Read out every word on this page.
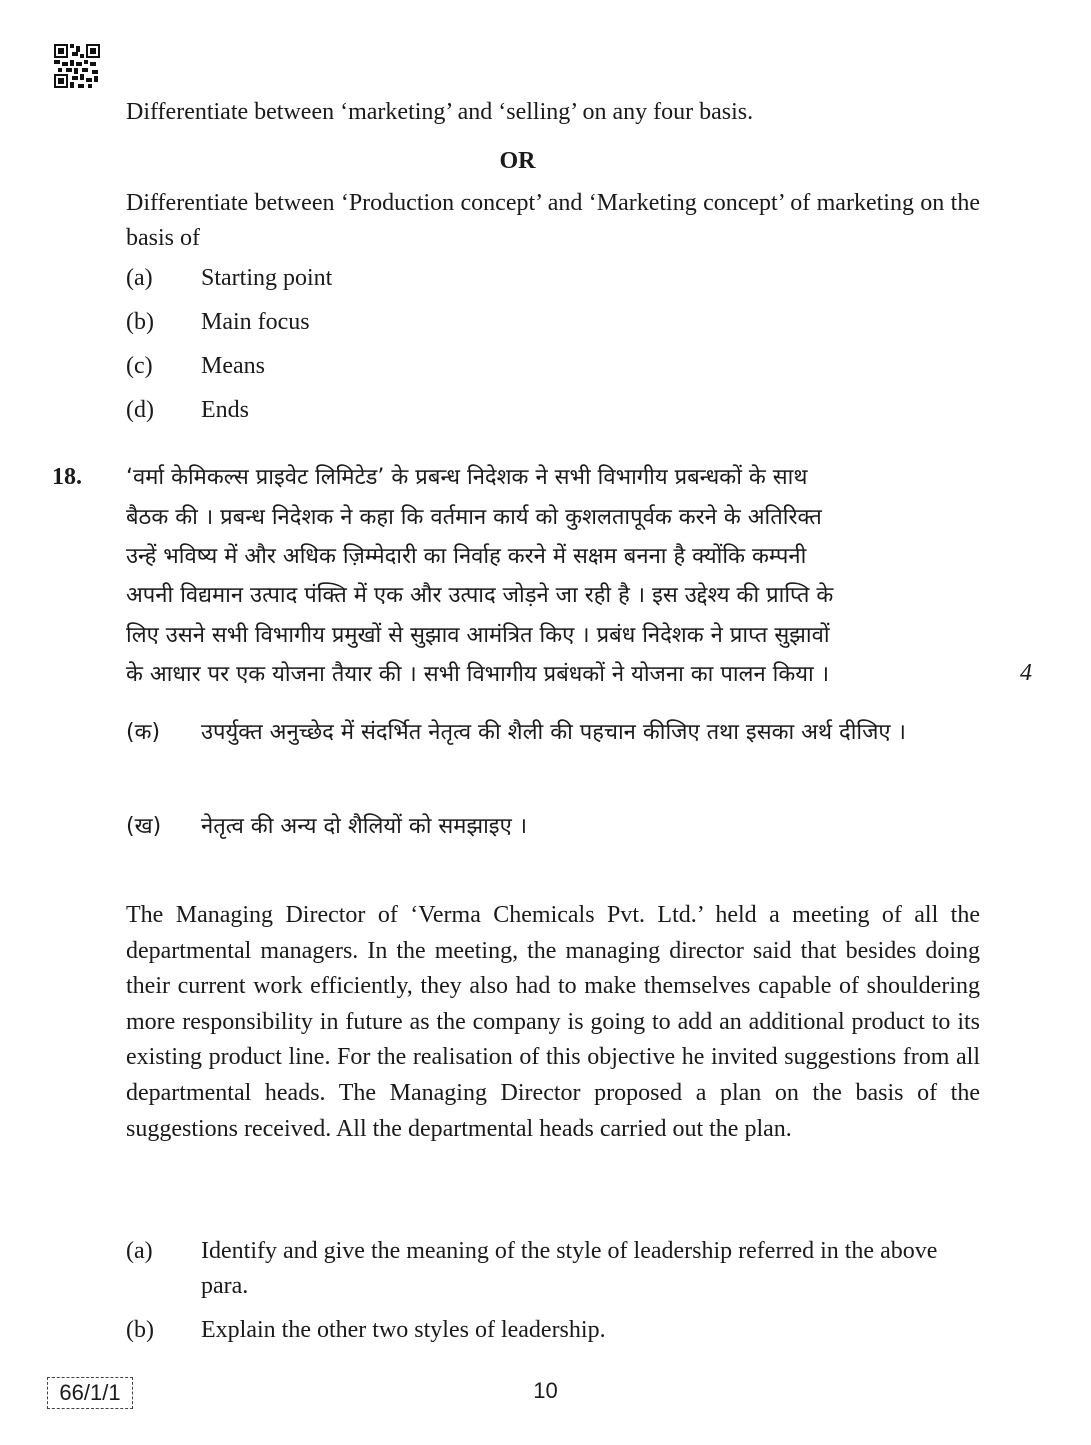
Differentiate between ‘marketing’ and ‘selling’ on any four basis.
OR
Differentiate between ‘Production concept’ and ‘Marketing concept’ of marketing on the basis of
(a)	Starting point
(b)	Main focus
(c)	Means
(d)	Ends
18. ‘वर्मा केमिकल्स प्राइवेट लिमिटेड’ के प्रबन्ध निदेशक ने सभी विभागीय प्रबन्धकों के साथ
बैठक की । प्रबन्ध निदेशक ने कहा कि वर्तमान कार्य को कुशलतापूर्वक करने के अतिरिक्त
उन्हें भविष्य में और अधिक ज़िम्मेदारी का निर्वाह करने में सक्षम बनना है क्योंकि कम्पनी
अपनी विद्यमान उत्पाद पंक्ति में एक और उत्पाद जोड़ने जा रही है । इस उद्देश्य की प्राप्ति के
लिए उसने सभी विभागीय प्रमुखों से सुझाव आमंत्रित किए । प्रबंध निदेशक ने प्राप्त सुझावों
के आधार पर एक योजना तैयार की । सभी विभागीय प्रबंधकों ने योजना का पालन किया ।	4
(क)	उपर्युक्त अनुच्छेद में संदर्भित नेतृत्व की शैली की पहचान कीजिए तथा इसका अर्थ दीजिए ।
(ख)	नेतृत्व की अन्य दो शैलियों को समझाइए ।
The Managing Director of ‘Verma Chemicals Pvt. Ltd.’ held a meeting of all the departmental managers. In the meeting, the managing director said that besides doing their current work efficiently, they also had to make themselves capable of shouldering more responsibility in future as the company is going to add an additional product to its existing product line. For the realisation of this objective he invited suggestions from all departmental heads. The Managing Director proposed a plan on the basis of the suggestions received. All the departmental heads carried out the plan.
(a)	Identify and give the meaning of the style of leadership referred in the above para.
(b)	Explain the other two styles of leadership.
66/1/1	10
